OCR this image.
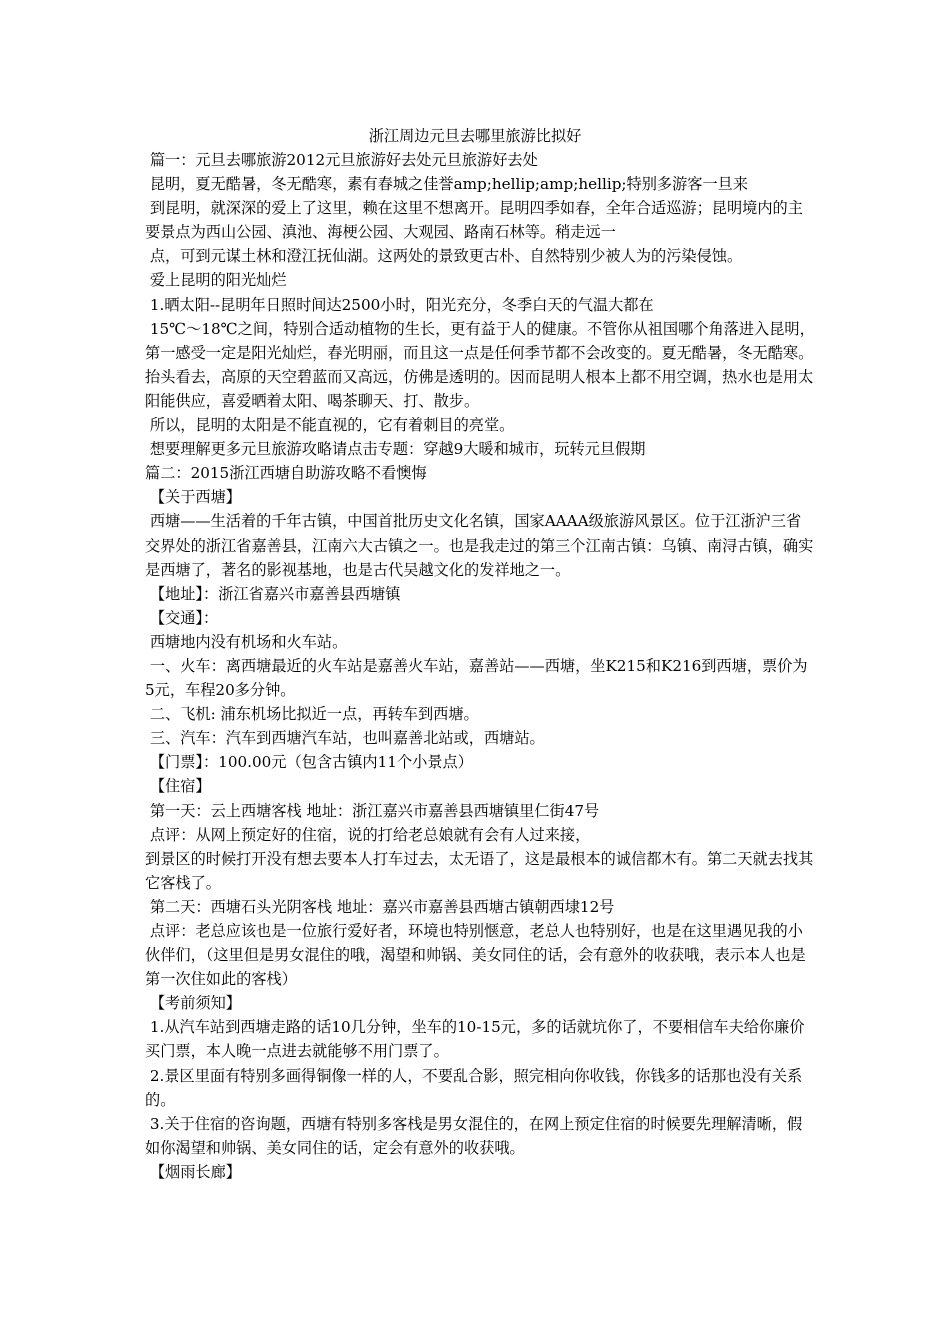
浙江周边元旦去哪里旅游比拟好

篇一：元旦去哪旅游2012元旦旅游好去处元旦旅游好去处

昆明，夏无酷暑，冬无酷寒，素有春城之佳誉amp;hellip;amp;hellip;特别多游客一旦来

到昆明，就深深的爱上了这里，赖在这里不想离开。昆明四季如春，全年合适巡游；昆明境内的主要景点为西山公园、滇池、海梗公园、大观园、路南石林等。稍走远一

点，可到元谋土林和澄江抚仙湖。这两处的景致更古朴、自然特别少被人为的污染侵蚀。

爱上昆明的阳光灿烂

1.晒太阳--昆明年日照时间达2500小时，阳光充分，冬季白天的气温大都在

15℃～18℃之间，特别合适动植物的生长，更有益于人的健康。不管你从祖国哪个角落进入昆明，第一感受一定是阳光灿烂，春光明丽，而且这一点是任何季节都不会改变的。夏无酷暑，冬无酷寒。抬头看去，高原的天空碧蓝而又高远，仿佛是透明的。因而昆明人根本上都不用空调，热水也是用太阳能供应，喜爱晒着太阳、喝茶聊天、打、散步。

所以，昆明的太阳是不能直视的，它有着刺目的亮堂。

想要理解更多元旦旅游攻略请点击专题：穿越9大暖和城市，玩转元旦假期

篇二：2015浙江西塘自助游攻略不看懊悔

【关于西塘】

西塘——生活着的千年古镇，中国首批历史文化名镇，国家AAAA级旅游风景区。位于江浙沪三省交界处的浙江省嘉善县，江南六大古镇之一。也是我走过的第三个江南古镇：乌镇、南浔古镇，确实是西塘了，著名的影视基地，也是古代吴越文化的发祥地之一。

【地址】：浙江省嘉兴市嘉善县西塘镇

【交通】：

西塘地内没有机场和火车站。

一、火车：离西塘最近的火车站是嘉善火车站，嘉善站——西塘，坐K215和K216到西塘，票价为5元，车程20多分钟。

二、飞机: 浦东机场比拟近一点，再转车到西塘。

三、汽车：汽车到西塘汽车站，也叫嘉善北站或，西塘站。

【门票】：100.00元（包含古镇内11个小景点）

【住宿】

第一天：云上西塘客栈 地址：浙江嘉兴市嘉善县西塘镇里仁街47号

点评：从网上预定好的住宿，说的打给老总娘就有会有人过来接，

到景区的时候打开没有想去要本人打车过去，太无语了，这是最根本的诚信都木有。第二天就去找其它客栈了。

第二天：西塘石头光阴客栈 地址：嘉兴市嘉善县西塘古镇朝西埭12号

点评：老总应该也是一位旅行爱好者，环境也特别惬意，老总人也特别好，也是在这里遇见我的小伙伴们，（这里但是男女混住的哦，渴望和帅锅、美女同住的话，会有意外的收获哦，表示本人也是第一次住如此的客栈）

【考前须知】

1.从汽车站到西塘走路的话10几分钟，坐车的10-15元，多的话就坑你了，不要相信车夫给你廉价买门票，本人晚一点进去就能够不用门票了。

2.景区里面有特别多画得铜像一样的人，不要乱合影，照完相向你收钱，你钱多的话那也没有关系的。

3.关于住宿的咨询题，西塘有特别多客栈是男女混住的，在网上预定住宿的时候要先理解清晰，假如你渴望和帅锅、美女同住的话，定会有意外的收获哦。

【烟雨长廊】
